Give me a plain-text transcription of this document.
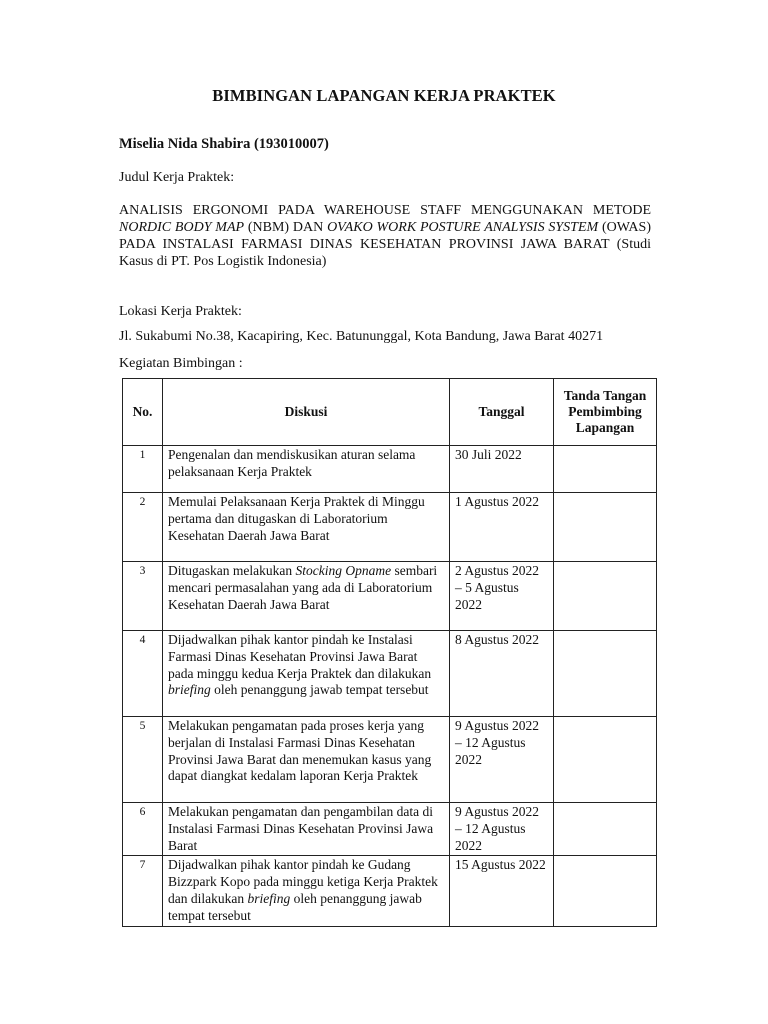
BIMBINGAN LAPANGAN KERJA PRAKTEK
Miselia Nida Shabira (193010007)
Judul Kerja Praktek:
ANALISIS ERGONOMI PADA WAREHOUSE STAFF MENGGUNAKAN METODE NORDIC BODY MAP (NBM) DAN OVAKO WORK POSTURE ANALYSIS SYSTEM (OWAS) PADA INSTALASI FARMASI DINAS KESEHATAN PROVINSI JAWA BARAT (Studi Kasus di PT. Pos Logistik Indonesia)
Lokasi Kerja Praktek:
Jl. Sukabumi No.38, Kacapiring, Kec. Batununggal, Kota Bandung, Jawa Barat 40271
Kegiatan Bimbingan :
No.	Diskusi	Tanggal	Tanda Tangan Pembimbing Lapangan
1	Pengenalan dan mendiskusikan aturan selama pelaksanaan Kerja Praktek	30 Juli 2022	
2	Memulai Pelaksanaan Kerja Praktek di Minggu pertama dan ditugaskan di Laboratorium Kesehatan Daerah Jawa Barat	1 Agustus 2022	
3	Ditugaskan melakukan Stocking Opname sembari mencari permasalahan yang ada di Laboratorium Kesehatan Daerah Jawa Barat	2 Agustus 2022 – 5 Agustus 2022	
4	Dijadwalkan pihak kantor pindah ke Instalasi Farmasi Dinas Kesehatan Provinsi Jawa Barat pada minggu kedua Kerja Praktek dan dilakukan briefing oleh penanggung jawab tempat tersebut	8 Agustus 2022	
5	Melakukan pengamatan pada proses kerja yang berjalan di Instalasi Farmasi Dinas Kesehatan Provinsi Jawa Barat dan menemukan kasus yang dapat diangkat kedalam laporan Kerja Praktek	9 Agustus 2022 – 12 Agustus 2022	
6	Melakukan pengamatan dan pengambilan data di Instalasi Farmasi Dinas Kesehatan Provinsi Jawa Barat	9 Agustus 2022 – 12 Agustus 2022	
7	Dijadwalkan pihak kantor pindah ke Gudang Bizzpark Kopo pada minggu ketiga Kerja Praktek dan dilakukan briefing oleh penanggung jawab tempat tersebut	15 Agustus 2022	
